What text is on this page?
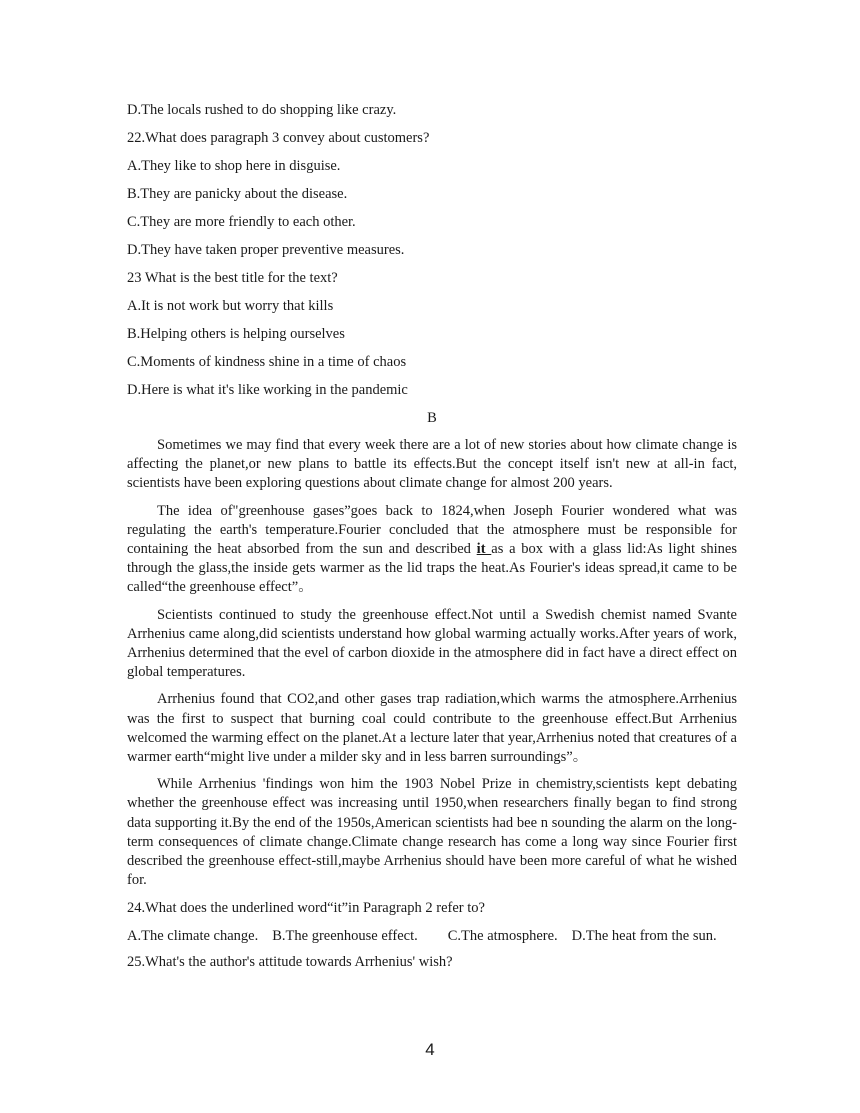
D.The locals rushed to do shopping like crazy.
22.What does paragraph 3 convey about customers?
A.They like to shop here in disguise.
B.They are panicky about the disease.
C.They are more friendly to each other.
D.They have taken proper preventive measures.
23 What is the best title for the text?
A.It is not work but worry that kills
B.Helping others is helping ourselves
C.Moments of kindness shine in a time of chaos
D.Here is what it's like working in the pandemic
B

Sometimes we may find that every week there are a lot of new stories about how climate change is affecting the planet,or new plans to battle its effects.But the concept itself isn't new at all-in fact, scientists have been exploring questions about climate change for almost 200 years.

The idea of"greenhouse gases”goes back to 1824,when Joseph Fourier wondered what was regulating the earth's temperature.Fourier concluded that the atmosphere must be responsible for containing the heat absorbed from the sun and described it as a box with a glass lid:As light shines through the glass,the inside gets warmer as the lid traps the heat.As Fourier's ideas spread,it came to be called“the greenhouse effect”。

Scientists continued to study the greenhouse effect.Not until a Swedish chemist named Svante Arrhenius came along,did scientists understand how global warming actually works.After years of work, Arrhenius determined that the evel of carbon dioxide in the atmosphere did in fact have a direct effect on global temperatures.

Arrhenius found that CO2,and other gases trap radiation,which warms the atmosphere.Arrhenius was the first to suspect that burning coal could contribute to the greenhouse effect.But Arrhenius welcomed the warming effect on the planet.At a lecture later that year,Arrhenius noted that creatures of a warmer earth“might live under a milder sky and in less barren surroundings”。

While Arrhenius 'findings won him the 1903 Nobel Prize in chemistry,scientists kept debating whether the greenhouse effect was increasing until 1950,when researchers finally began to find strong data supporting it.By the end of the 1950s,American scientists had bee n sounding the alarm on the long-term consequences of climate change.Climate change research has come a long way since Fourier first described the greenhouse effect-still,maybe Arrhenius should have been more careful of what he wished for.

24.What does the underlined word“it”in Paragraph 2 refer to?
A.The climate change. B.The greenhouse effect. C.The atmosphere. D.The heat from the sun.
25.What's the author's attitude towards Arrhenius' wish?
4
